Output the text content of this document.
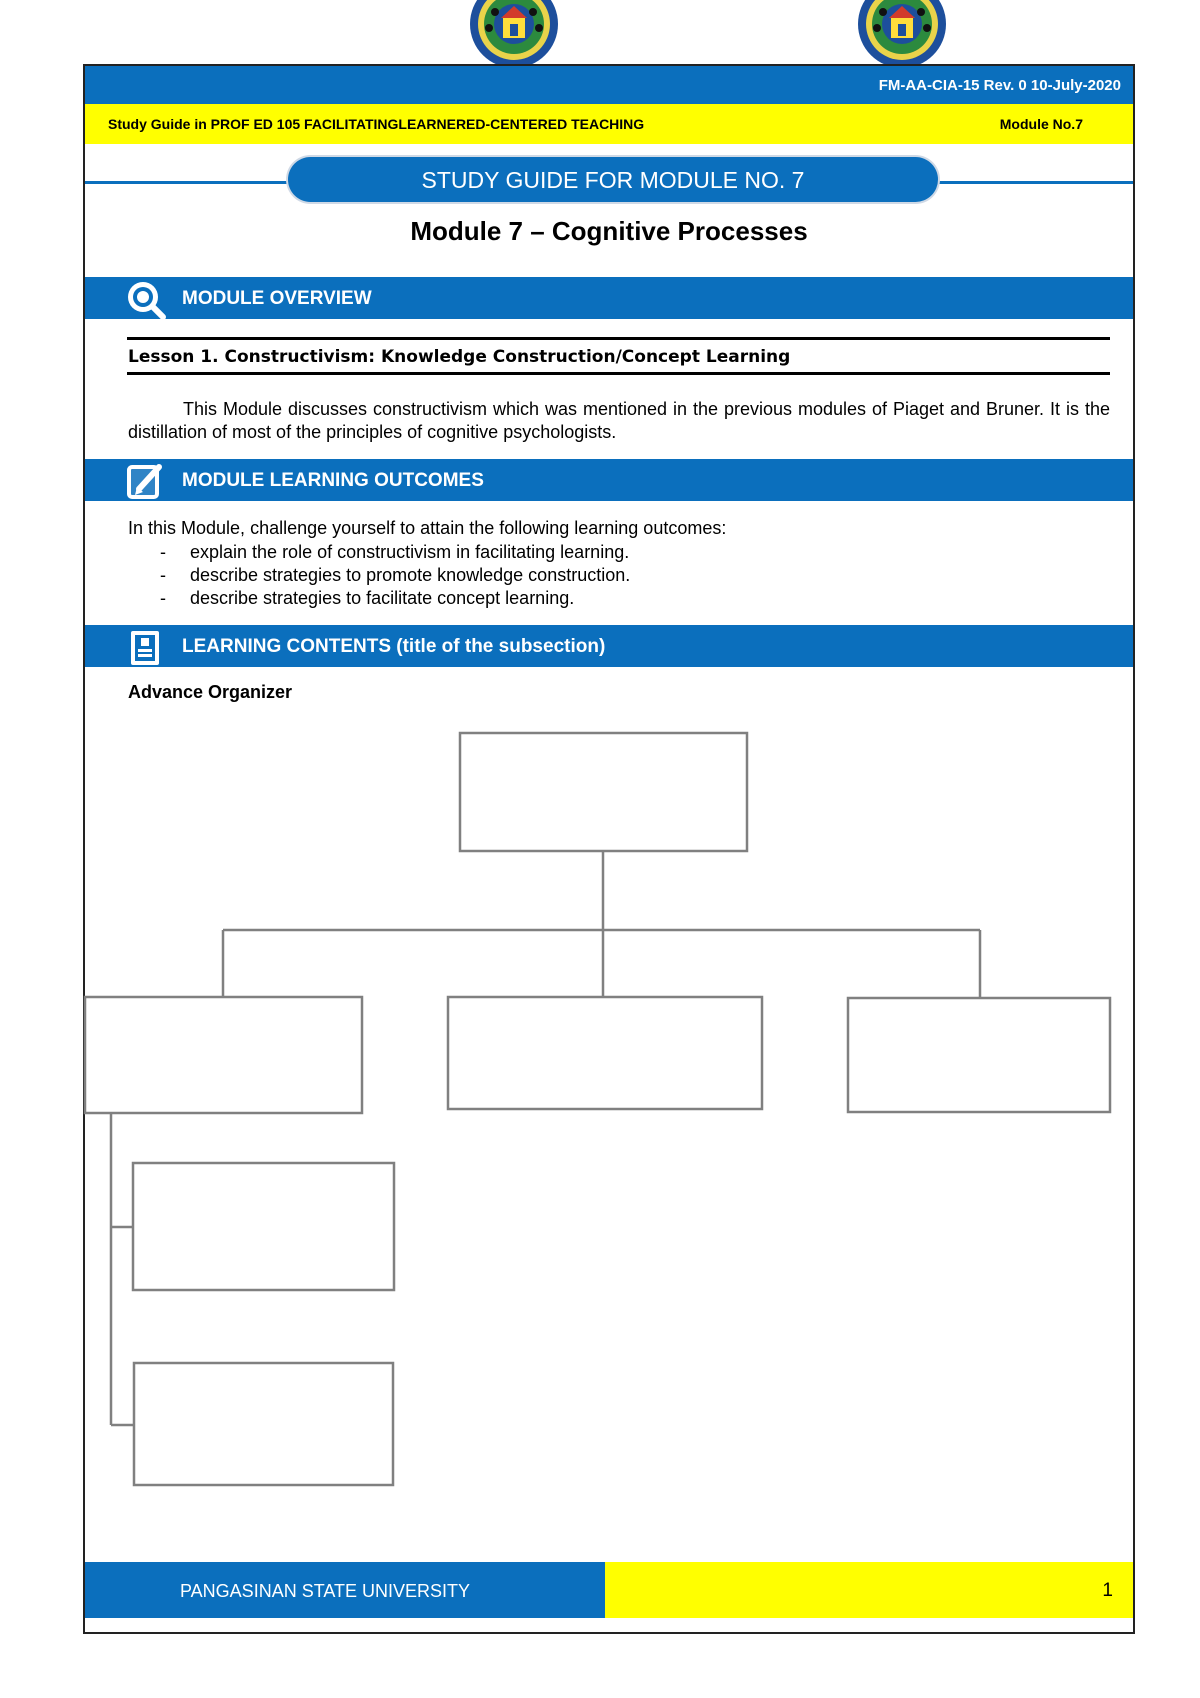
FM-AA-CIA-15 Rev. 0 10-July-2020
Study Guide in PROF ED 105 FACILITATINGLEARNERED-CENTERED TEACHING	Module No.7
STUDY GUIDE FOR MODULE NO. 7
Module 7 – Cognitive Processes
MODULE OVERVIEW
Lesson 1. Constructivism: Knowledge Construction/Concept Learning
This Module discusses constructivism which was mentioned in the previous modules of Piaget and Bruner. It is the distillation of most of the principles of cognitive psychologists.
MODULE LEARNING OUTCOMES
In this Module, challenge yourself to attain the following learning outcomes:
- explain the role of constructivism in facilitating learning.
- describe strategies to promote knowledge construction.
- describe strategies to facilitate concept learning.
LEARNING CONTENTS (title of the subsection)
Advance Organizer
PANGASINAN STATE UNIVERSITY	1
